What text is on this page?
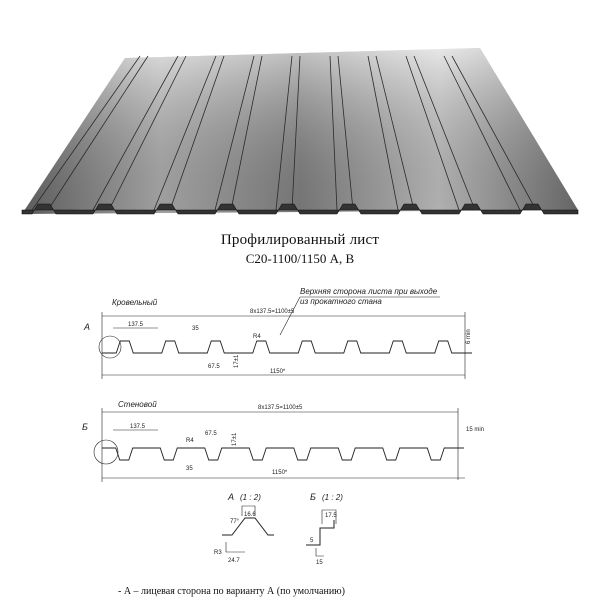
Профилированный лист
С20-1100/1150 А, В
Кровельный
А
8х137.5=1100±5
137.5
35
R4
67.5 17±1
1150*
6 min
Верхняя сторона листа при выходе
из прокатного стана
Стеновой
Б
8х137.5=1100±5
137.5
R4
67.5
35
17±1
1150*
15 min
А (1 : 2)
77°
16.6
R3
24.7
Б (1 : 2)
17.5
5
15
- А – лицевая сторона по варианту А (по умолчанию)
